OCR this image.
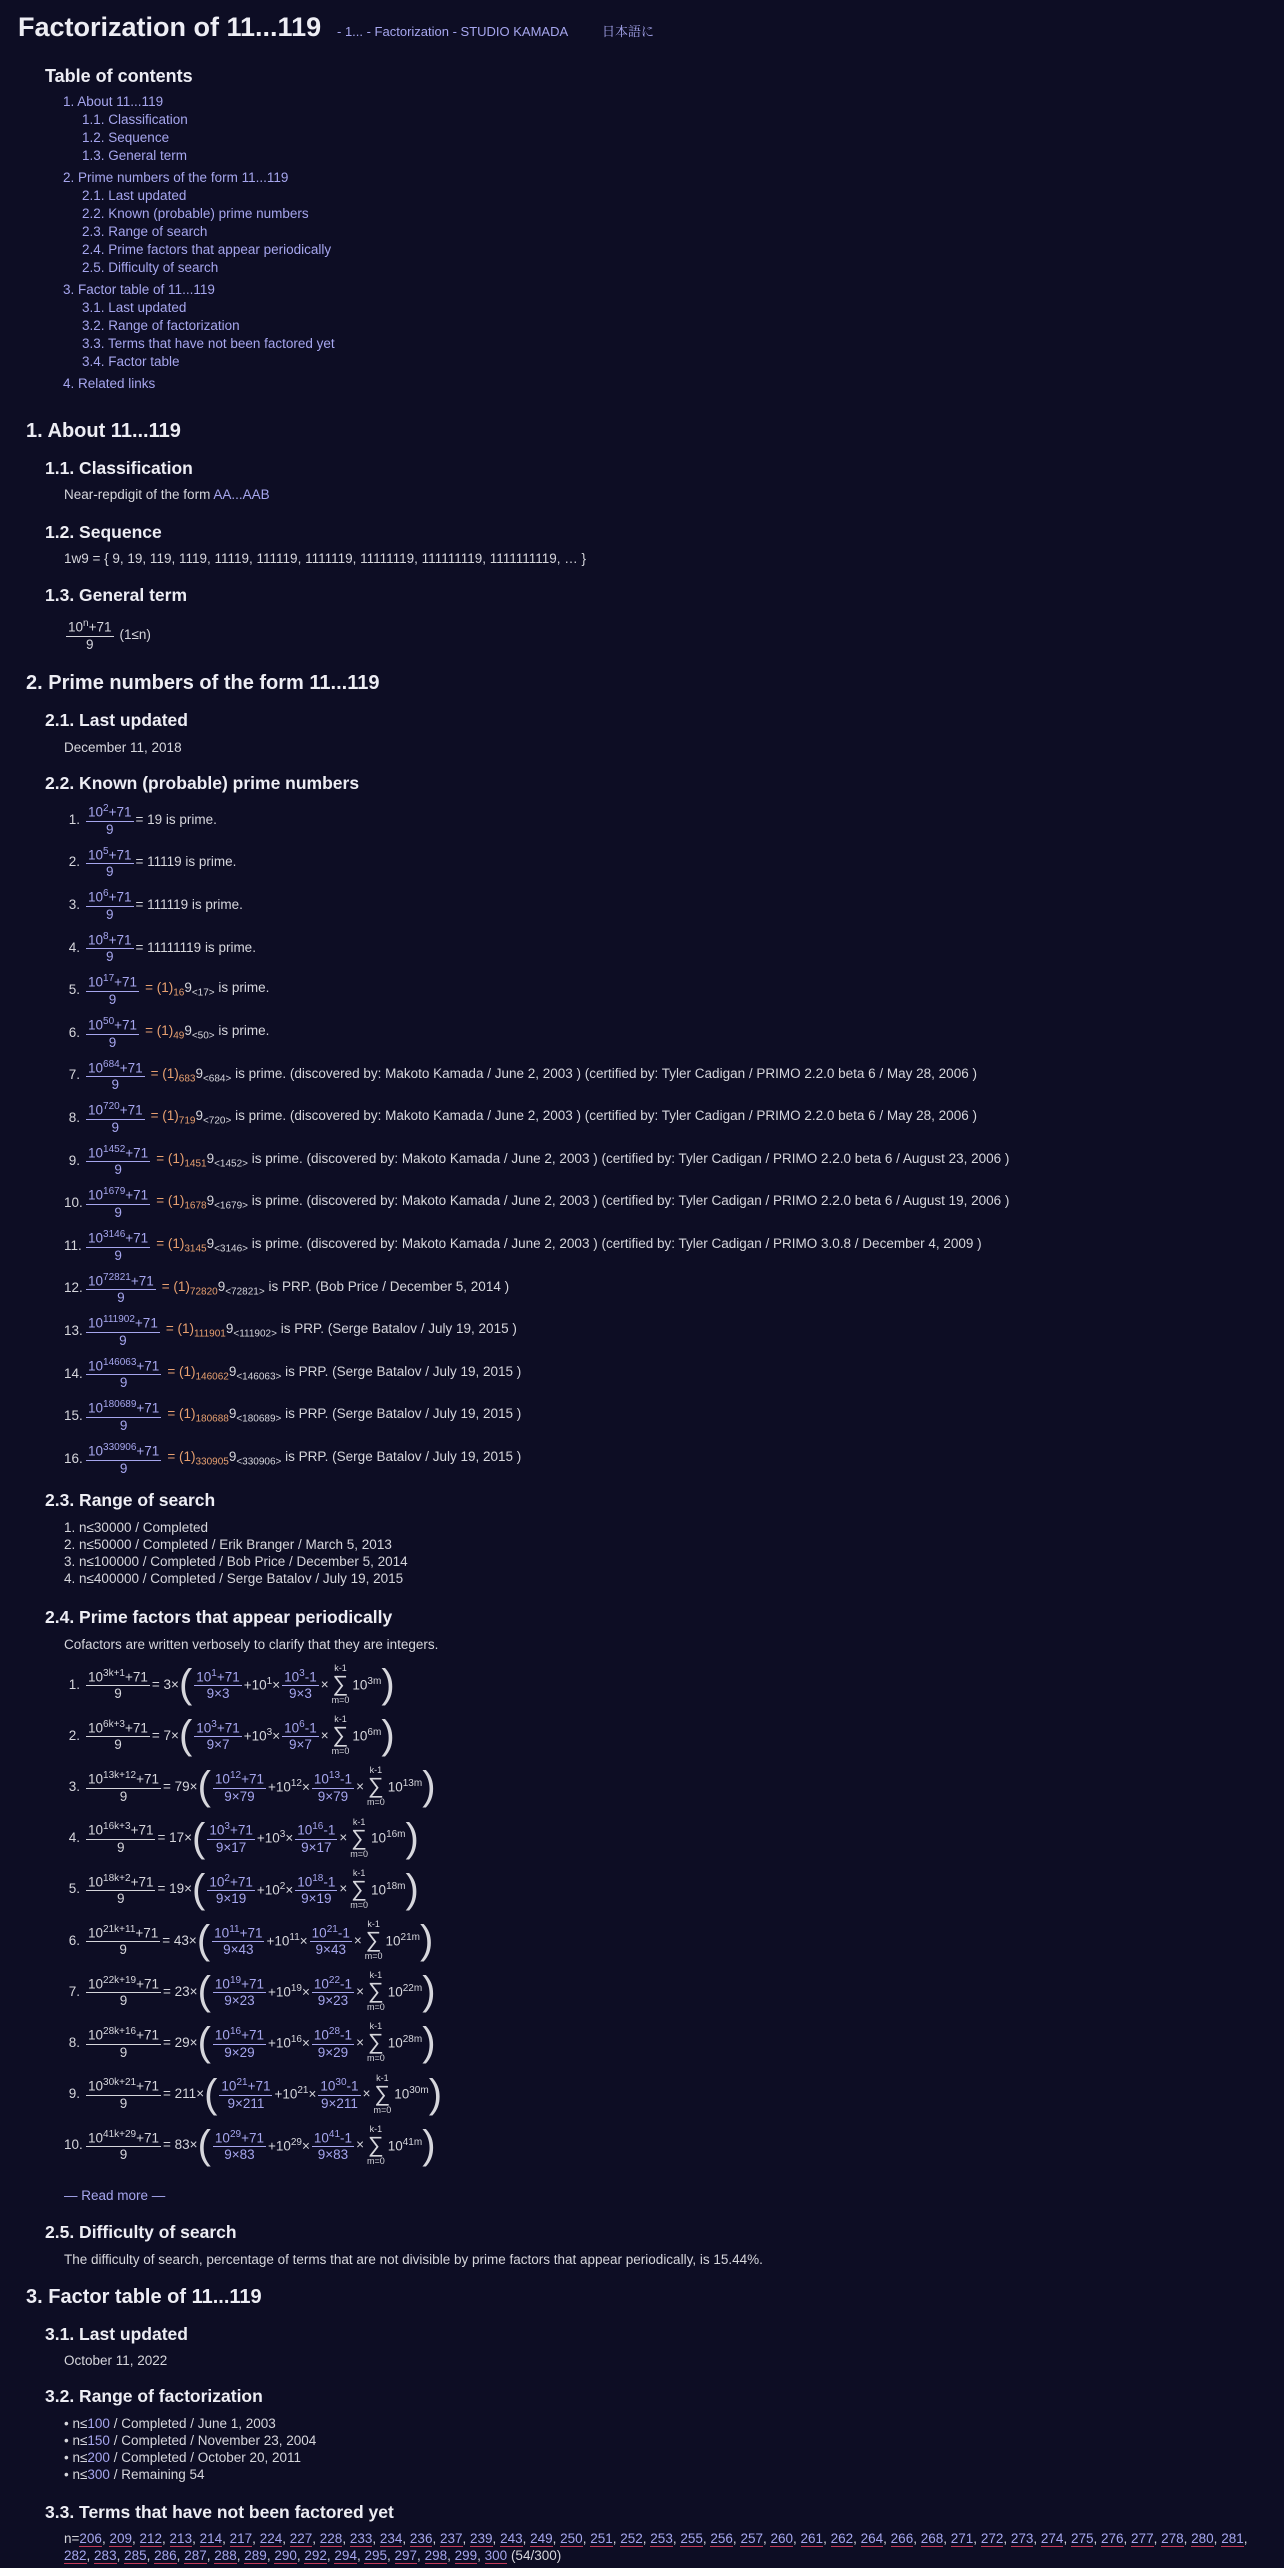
Factorization of 11...119 - 1... - Factorization - STUDIO KAMADA	日本語に
Table of contents
1. About 11...119
1.1. Classification
1.2. Sequence
1.3. General term
2. Prime numbers of the form 11...119
2.1. Last updated
2.2. Known (probable) prime numbers
2.3. Range of search
2.4. Prime factors that appear periodically
2.5. Difficulty of search
3. Factor table of 11...119
3.1. Last updated
3.2. Range of factorization
3.3. Terms that have not been factored yet
3.4. Factor table
4. Related links
1. About 11...119
1.1. Classification
Near-repdigit of the form AA...AAB
1.2. Sequence
1w9 = { 9, 19, 119, 1119, 11119, 111119, 1111119, 11111119, 111111119, 1111111119, … }
1.3. General term
$\frac{10^n+71}{9} (1\le n)$
2. Prime numbers of the form 11...119
2.1. Last updated
December 11, 2018
2.2. Known (probable) prime numbers
1. $\frac{10^2+71}{9} = 19$ is prime.
2. $\frac{10^5+71}{9} = 11119$ is prime.
3. $\frac{10^6+71}{9} = 111119$ is prime.
4. $\frac{10^8+71}{9} = 11111119$ is prime.
5. $\frac{10^{17}+71}{9} = (1)_{16}9_{<17>}$ is prime.
6. $\frac{10^{50}+71}{9} = (1)_{49}9_{<50>}$ is prime.
7. $\frac{10^{684}+71}{9} = (1)_{683}9_{<684>}$ is prime. (discovered by: Makoto Kamada / June 2, 2003 ) (certified by: Tyler Cadigan / PRIMO 2.2.0 beta 6 / May 28, 2006 )
8. $\frac{10^{720}+71}{9} = (1)_{719}9_{<720>}$ is prime. (discovered by: Makoto Kamada / June 2, 2003 ) (certified by: Tyler Cadigan / PRIMO 2.2.0 beta 6 / May 28, 2006 )
9. $\frac{10^{1452}+71}{9} = (1)_{1451}9_{<1452>}$ is prime. (discovered by: Makoto Kamada / June 2, 2003 ) (certified by: Tyler Cadigan / PRIMO 2.2.0 beta 6 / August 23, 2006 )
10. $\frac{10^{1679}+71}{9} = (1)_{1678}9_{<1679>}$ is prime. (discovered by: Makoto Kamada / June 2, 2003 ) (certified by: Tyler Cadigan / PRIMO 2.2.0 beta 6 / August 19, 2006 )
11. $\frac{10^{3146}+71}{9} = (1)_{3145}9_{<3146>}$ is prime. (discovered by: Makoto Kamada / June 2, 2003 ) (certified by: Tyler Cadigan / PRIMO 3.0.8 / December 4, 2009 )
12. $\frac{10^{72821}+71}{9} = (1)_{72820}9_{<72821>}$ is PRP. (Bob Price / December 5, 2014 )
13. $\frac{10^{111902}+71}{9} = (1)_{111901}9_{<111902>}$ is PRP. (Serge Batalov / July 19, 2015 )
14. $\frac{10^{146063}+71}{9} = (1)_{146062}9_{<146063>}$ is PRP. (Serge Batalov / July 19, 2015 )
15. $\frac{10^{180689}+71}{9} = (1)_{180688}9_{<180689>}$ is PRP. (Serge Batalov / July 19, 2015 )
16. $\frac{10^{330906}+71}{9} = (1)_{330905}9_{<330906>}$ is PRP. (Serge Batalov / July 19, 2015 )
2.3. Range of search
1. n≤30000 / Completed
2. n≤50000 / Completed / Erik Branger / March 5, 2013
3. n≤100000 / Completed / Bob Price / December 5, 2014
4. n≤400000 / Completed / Serge Batalov / July 19, 2015
2.4. Prime factors that appear periodically
Cofactors are written verbosely to clarify that they are integers.
1. $\frac{10^{3k+1}+71}{9} = 3\times$ ( $\frac{10^1+71}{9\times 3} +10^1\times \frac{10^3-1}{9\times 3}$ ×
k-1
∑
m=0
$10^{3m}$ )
2. $\frac{10^{6k+3}+71}{9} = 7\times$ ( $\frac{10^3+71}{9\times 7} +10^3\times \frac{10^6-1}{9\times 7}$ ×
k-1
∑
m=0
$10^{6m}$ )
3. $\frac{10^{13k+12}+71}{9} = 79\times$ ( $\frac{10^{12}+71}{9\times 79} +10^{12}\times \frac{10^{13}-1}{9\times 79}$ ×
k-1
∑
m=0
$10^{13m}$ )
4. $\frac{10^{16k+3}+71}{9} = 17\times$ ( $\frac{10^3+71}{9\times 17} +10^3\times \frac{10^{16}-1}{9\times 17}$ ×
k-1
∑
m=0
$10^{16m}$ )
5. $\frac{10^{18k+2}+71}{9} = 19\times$ ( $\frac{10^2+71}{9\times 19} +10^2\times \frac{10^{18}-1}{9\times 19}$ ×
k-1
∑
m=0
$10^{18m}$ )
6. $\frac{10^{21k+11}+71}{9} = 43\times$ ( $\frac{10^{11}+71}{9\times 43} +10^{11}\times \frac{10^{21}-1}{9\times 43}$ ×
k-1
∑
m=0
$10^{21m}$ )
7. $\frac{10^{22k+19}+71}{9} = 23\times$ ( $\frac{10^{19}+71}{9\times 23} +10^{19}\times \frac{10^{22}-1}{9\times 23}$ ×
k-1
∑
m=0
$10^{22m}$ )
8. $\frac{10^{28k+16}+71}{9} = 29\times$ ( $\frac{10^{16}+71}{9\times 29} +10^{16}\times \frac{10^{28}-1}{9\times 29}$ ×
k-1
∑
m=0
$10^{28m}$ )
9. $\frac{10^{30k+21}+71}{9} = 211\times$ ( $\frac{10^{21}+71}{9\times 211} +10^{21}\times \frac{10^{30}-1}{9\times 211}$ ×
k-1
∑
m=0
$10^{30m}$ )
10. $\frac{10^{41k+29}+71}{9} = 83\times$ ( $\frac{10^{29}+71}{9\times 83} +10^{29}\times \frac{10^{41}-1}{9\times 83}$ ×
k-1
∑
m=0
$10^{41m}$ )
— Read more —
2.5. Difficulty of search
The difficulty of search, percentage of terms that are not divisible by prime factors that appear periodically, is 15.44%.
3. Factor table of 11...119
3.1. Last updated
October 11, 2022
3.2. Range of factorization
• n≤100 / Completed / June 1, 2003
• n≤150 / Completed / November 23, 2004
• n≤200 / Completed / October 20, 2011
• n≤300 / Remaining 54
3.3. Terms that have not been factored yet
n=206, 209, 212, 213, 214, 217, 224, 227, 228, 233, 234, 236, 237, 239, 243, 249, 250, 251, 252, 253, 255, 256, 257, 260, 261, 262, 264, 266, 268, 271, 272, 273, 274, 275, 276, 277, 278, 280, 281, 282, 283, 285, 286, 287, 288, 289, 290, 292, 294, 295, 297, 298, 299, 300 (54/300)
